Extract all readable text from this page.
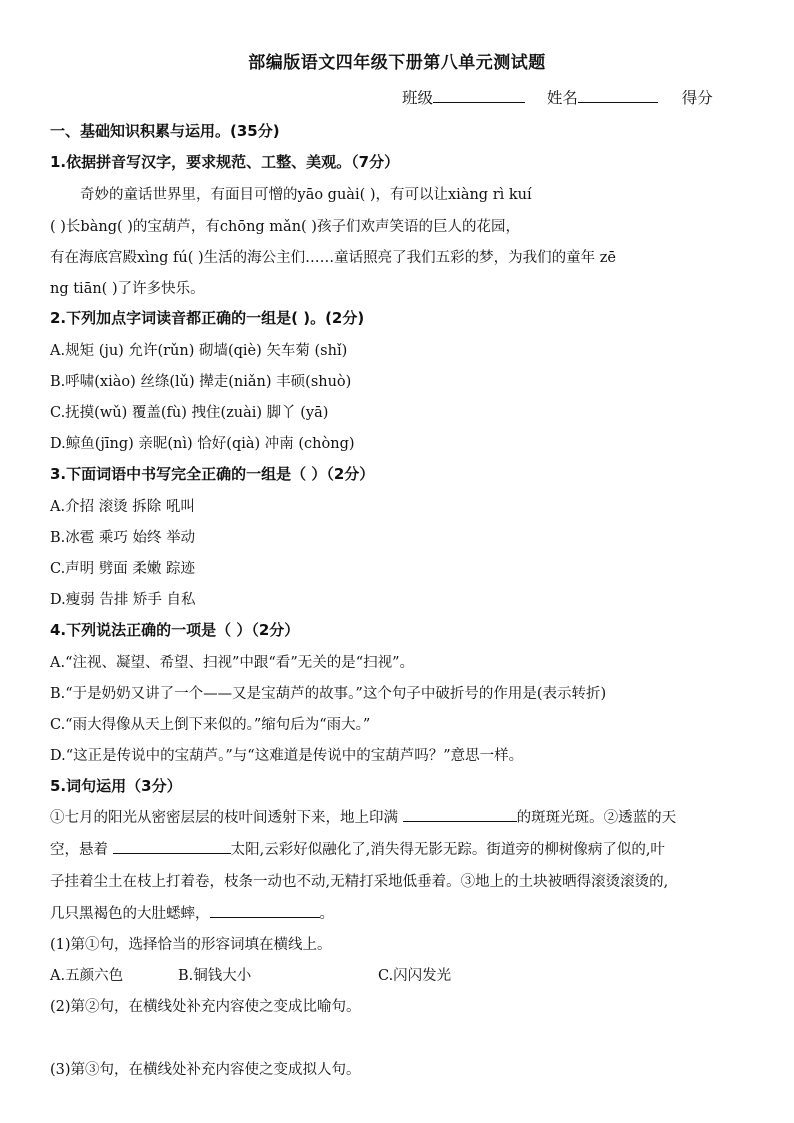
部编版语文四年级下册第八单元测试题
班级	姓名	得分
一、基础知识积累与运用。(35分)
1.依据拼音写汉字，要求规范、工整、美观。（7分）
奇妙的童话世界里，有面目可憎的yāo guài( )，有可以让xiàng rì kuí
( )长bàng( )的宝葫芦，有chōng mǎn( )孩子们欢声笑语的巨人的花园，
有在海底宫殿xìng fú( )生活的海公主们……童话照亮了我们五彩的梦，为我们的童年 zē
ng tiān( )了许多快乐。
2.下列加点字词读音都正确的一组是( )。(2分)
A.规矩 (ju) 允许(rǔn) 砌墙(qiè) 矢车菊 (shǐ)
B.呼啸(xiào) 丝绦(lǔ) 撵走(niǎn) 丰硕(shuò)
C.抚摸(wǔ) 覆盖(fù) 拽住(zuài) 脚丫 (yā)
D.鲸鱼(jīng) 亲昵(nì) 恰好(qià) 冲南 (chòng)
3.下面词语中书写完全正确的一组是（ ）（2分）
A.介招 滚烫 拆除 吼叫
B.冰雹 乘巧 始终 举动
C.声明 劈面 柔嫩 踪迹
D.瘦弱 告排 矫手 自私
4.下列说法正确的一项是（ ）（2分）
A.“注视、凝望、希望、扫视”中跟“看”无关的是“扫视”。
B.“于是奶奶又讲了一个——又是宝葫芦的故事。”这个句子中破折号的作用是(表示转折)
C.“雨大得像从天上倒下来似的。”缩句后为“雨大。”
D.“这正是传说中的宝葫芦。”与“这难道是传说中的宝葫芦吗？”意思一样。
5.词句运用（3分）
①七月的阳光从密密层层的枝叶间透射下来，地上印满	的斑斑光斑。②透蓝的天
空，悬着	太阳,云彩好似融化了,消失得无影无踪。街道旁的柳树像病了似的,叶
子挂着尘土在枝上打着卷，枝条一动也不动,无精打采地低垂着。③地上的土块被晒得滚烫滚烫的,
几只黑褐色的大肚蟋蟀，	。
(1)第①句，选择恰当的形容词填在横线上。
A.五颜六色	B.铜钱大小	C.闪闪发光
(2)第②句，在横线处补充内容使之变成比喻句。
(3)第③句，在横线处补充内容使之变成拟人句。
